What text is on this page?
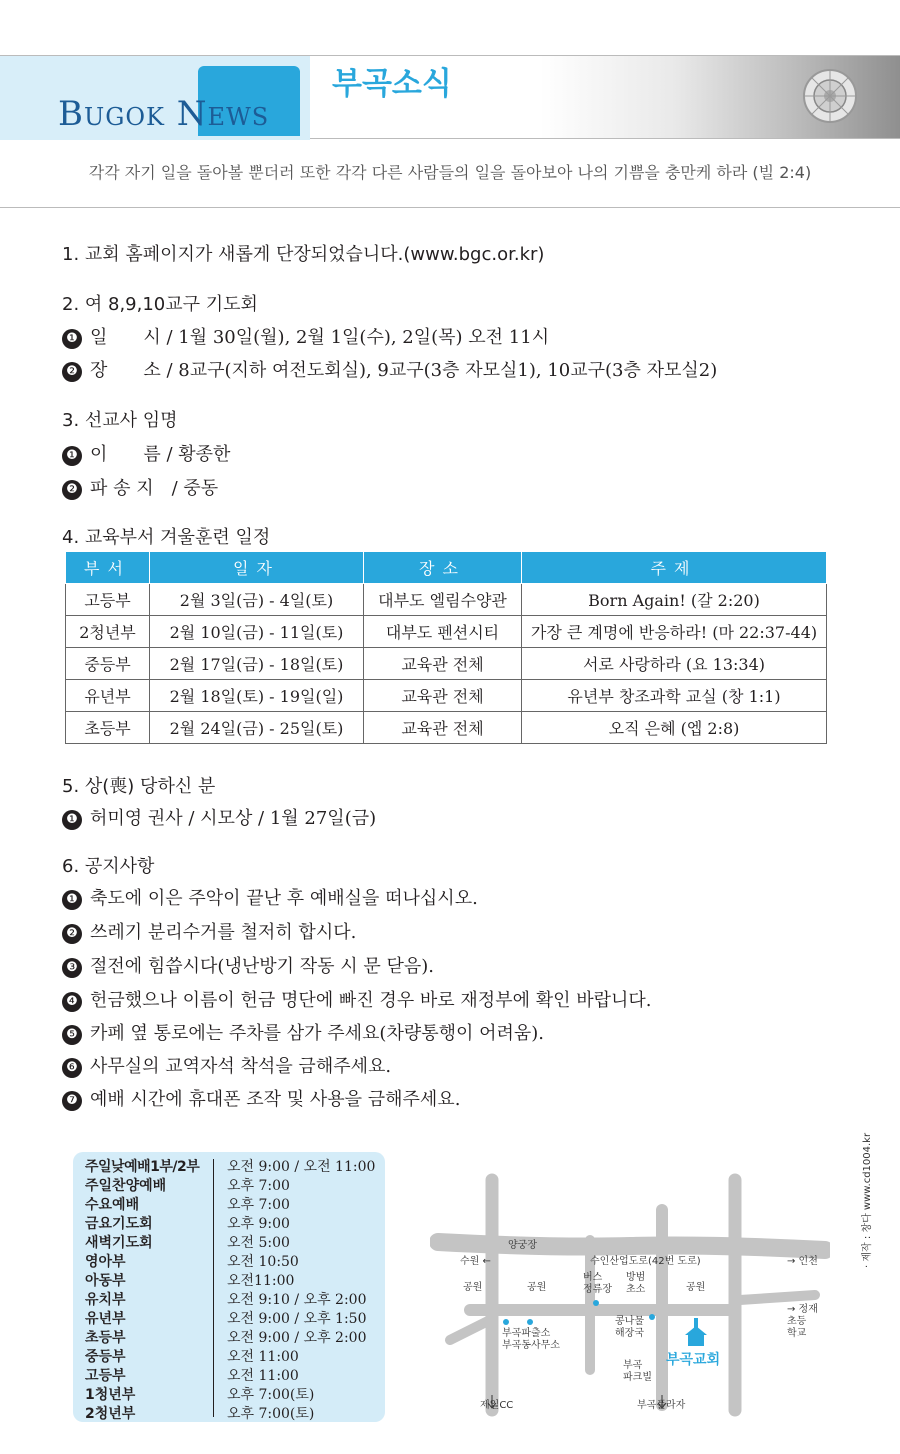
Bugok News
부곡소식
각각 자기 일을 돌아볼 뿐더러 또한 각각 다른 사람들의 일을 돌아보아 나의 기쁨을 충만케 하라 (빌 2:4)
1. 교회 홈페이지가 새롭게 단장되었습니다.(www.bgc.or.kr)
2. 여 8,9,10교구 기도회
❶ 일　　시 / 1월 30일(월), 2월 1일(수), 2일(목) 오전 11시
❷ 장　　소 / 8교구(지하 여전도회실), 9교구(3층 자모실1), 10교구(3층 자모실2)
3. 선교사 임명
❶ 이　　름 / 황종한
❷ 파 송 지　/ 중동
4. 교육부서 겨울훈련 일정
부서	일자	장소	주제
고등부	2월 3일(금) - 4일(토)	대부도 엘림수양관	Born Again! (갈 2:20)
2청년부	2월 10일(금) - 11일(토)	대부도 펜션시티	가장 큰 계명에 반응하라! (마 22:37-44)
중등부	2월 17일(금) - 18일(토)	교육관 전체	서로 사랑하라 (요 13:34)
유년부	2월 18일(토) - 19일(일)	교육관 전체	유년부 창조과학 교실 (창 1:1)
초등부	2월 24일(금) - 25일(토)	교육관 전체	오직 은혜 (엡 2:8)
5. 상(喪) 당하신 분
❶ 허미영 권사 / 시모상 / 1월 27일(금)
6. 공지사항
❶ 축도에 이은 주악이 끝난 후 예배실을 떠나십시오.
❷ 쓰레기 분리수거를 철저히 합시다.
❸ 절전에 힘씁시다(냉난방기 작동 시 문 닫음).
❹ 헌금했으나 이름이 헌금 명단에 빠진 경우 바로 재정부에 확인 바랍니다.
❺ 카페 옆 통로에는 주차를 삼가 주세요(차량통행이 어려움).
❻ 사무실의 교역자석 착석을 금해주세요.
❼ 예배 시간에 휴대폰 조작 및 사용을 금해주세요.
주일낮예배1부/2부 오전 9:00 / 오전 11:00
주일찬양예배	오후 7:00
수요예배	오후 7:00
금요기도회	오후 9:00
새벽기도회	오전 5:00
영아부	오전 10:50
아동부	오전11:00
유치부	오전 9:10 / 오후 2:00
유년부	오전 9:00 / 오후 1:50
초등부	오전 9:00 / 오후 2:00
중등부	오전 11:00
고등부	오전 11:00
1청년부	오후 7:00(토)
2청년부	오후 7:00(토)
양궁장
수원 ←	수인산업도로(42번 도로)	→ 인천
공원	공원
버스
정류장
방범
초소	공원
→ 정재
초등
학교
부곡파출소
부곡동사무소
콩나물
해장국
부곡
파크빌
부곡교회
제일CC	부곡플라자
· 제작 : 창다 www.cd1004.kr
